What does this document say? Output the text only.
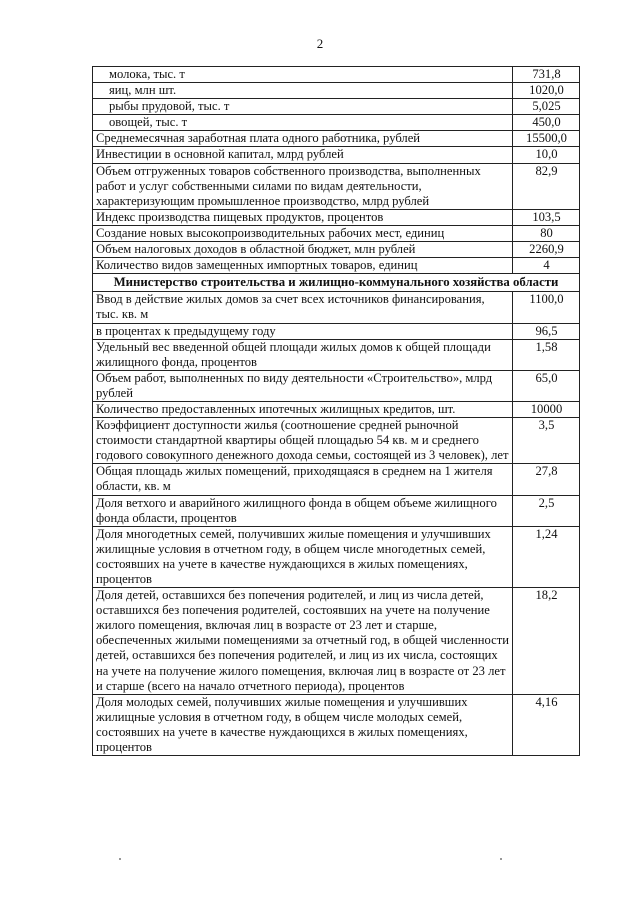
2
молока, тыс. т	731,8
яиц, млн шт.	1020,0
рыбы прудовой, тыс. т	5,025
овощей, тыс. т	450,0
Среднемесячная заработная плата одного работника, рублей	15500,0
Инвестиции в основной капитал, млрд рублей	10,0
Объем отгруженных товаров собственного производства, выполненных работ и услуг собственными силами по видам деятельности, характеризующим промышленное производство, млрд рублей	82,9
Индекс производства пищевых продуктов, процентов	103,5
Создание новых высокопроизводительных рабочих мест, единиц	80
Объем налоговых доходов в областной бюджет, млн рублей	2260,9
Количество видов замещенных импортных товаров, единиц	4
Министерство строительства и жилищно-коммунального хозяйства области	
Ввод в действие жилых домов за счет всех источников финансирования, тыс. кв. м	1100,0
в процентах к предыдущему году	96,5
Удельный вес введенной общей площади жилых домов к общей площади жилищного фонда, процентов	1,58
Объем работ, выполненных по виду деятельности «Строительство», млрд рублей	65,0
Количество предоставленных ипотечных жилищных кредитов, шт.	10000
Коэффициент доступности жилья (соотношение средней рыночной стоимости стандартной квартиры общей площадью 54 кв. м и среднего годового совокупного денежного дохода семьи, состоящей из 3 человек), лет	3,5
Общая площадь жилых помещений, приходящаяся в среднем на 1 жителя области, кв. м	27,8
Доля ветхого и аварийного жилищного фонда в общем объеме жилищного фонда области, процентов	2,5
Доля многодетных семей, получивших жилые помещения и улучшивших жилищные условия в отчетном году, в общем числе многодетных семей, состоявших на учете в качестве нуждающихся в жилых помещениях, процентов	1,24
Доля детей, оставшихся без попечения родителей, и лиц из числа детей, оставшихся без попечения родителей, состоявших на учете на получение жилого помещения, включая лиц в возрасте от 23 лет и старше, обеспеченных жилыми помещениями за отчетный год, в общей численности детей, оставшихся без попечения родителей, и лиц из их числа, состоящих на учете на получение жилого помещения, включая лиц в возрасте от 23 лет и старше (всего на начало отчетного периода), процентов	18,2
Доля молодых семей, получивших жилые помещения и улучшивших жилищные условия в отчетном году, в общем числе молодых семей, состоявших на учете в качестве нуждающихся в жилых помещениях, процентов	4,16
